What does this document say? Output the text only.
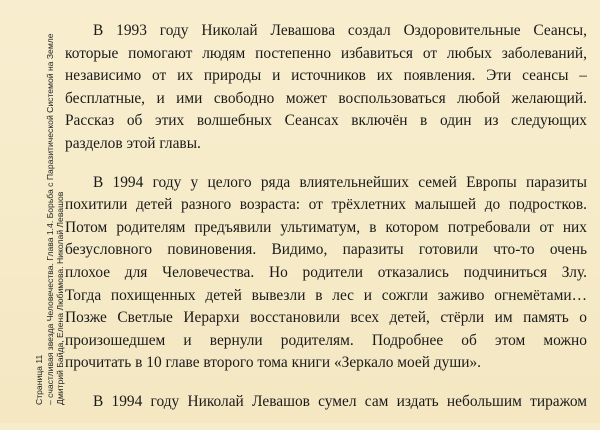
Страница 11 – счастливая звезда Человечества. Глава 1.4. Борьба с Паразитической Системой на Земле Дмитрий Байда, Елена Любимова. Николай Левашов

В 1993 году Николай Левашова создал Оздоровительные Сеансы,
которые помогают людям постепенно избавиться от любых заболеваний,
независимо от их природы и источников их появления. Эти сеансы –
бесплатные, и ими свободно может воспользоваться любой желающий.
Рассказ об этих волшебных Сеансах включён в один из следующих
разделов этой главы.

В 1994 году у целого ряда влиятельнейших семей Европы паразиты
похитили детей разного возраста: от трёхлетних малышей до подростков.
Потом родителям предъявили ультиматум, в котором потребовали от них
безусловного повиновения. Видимо, паразиты готовили что-то очень
плохое для Человечества. Но родители отказались подчиниться Злу.
Тогда похищенных детей вывезли в лес и сожгли заживо огнемётами…
Позже Светлые Иерархи восстановили всех детей, стёрли им память о
произошедшем и вернули родителям. Подробнее об этом можно
прочитать в 10 главе второго тома книги «Зеркало моей души».

В 1994 году Николай Левашов сумел сам издать небольшим тиражом
